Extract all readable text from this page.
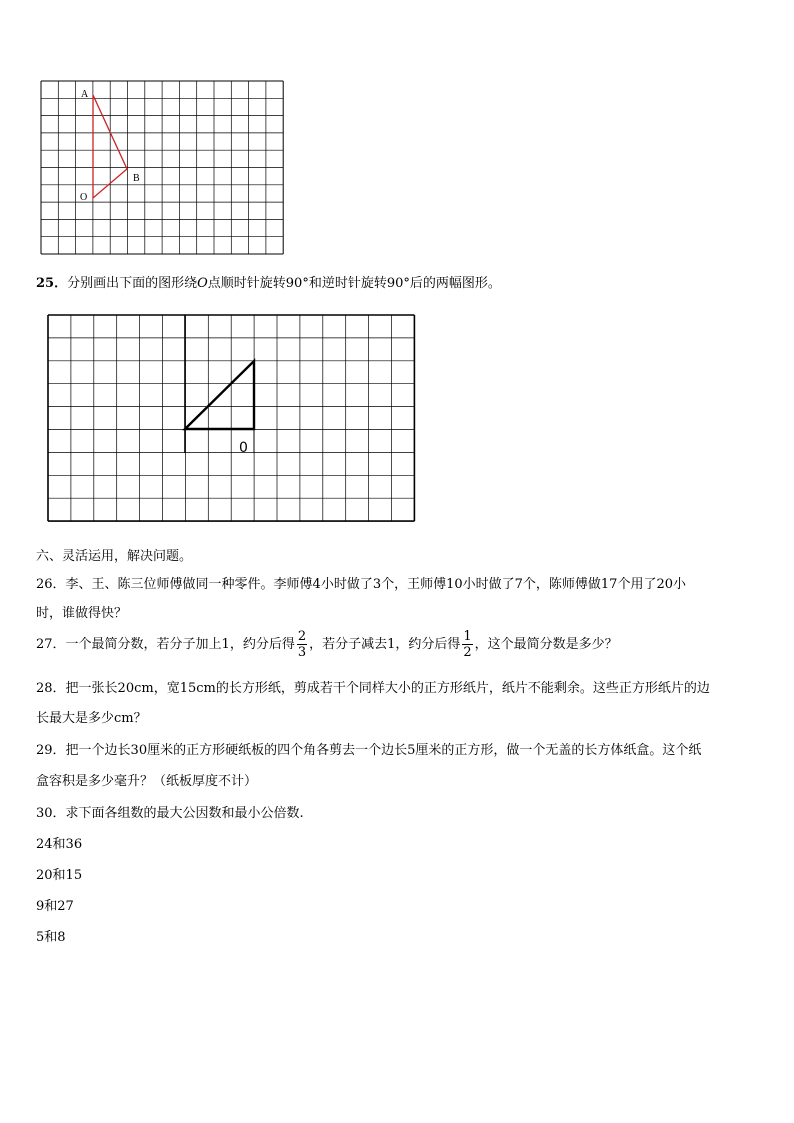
A
B
O
25．分别画出下面的图形绕O点顺时针旋转90°和逆时针旋转90°后的两幅图形。
0
六、灵活运用，解决问题。
26．李、王、陈三位师傅做同一种零件。李师傅4小时做了3个，王师傅10小时做了7个，陈师傅做17个用了20小
时，谁做得快？
27．一个最简分数，若分子加上1，约分后得 $\frac{2}{3}$ ，若分子减去1，约分后得 $\frac{1}{2}$ ，这个最简分数是多少？
28．把一张长20cm，宽15cm的长方形纸，剪成若干个同样大小的正方形纸片，纸片不能剩余。这些正方形纸片的边
长最大是多少cm？
29．把一个边长30厘米的正方形硬纸板的四个角各剪去一个边长5厘米的正方形，做一个无盖的长方体纸盒。这个纸
盒容积是多少毫升？（纸板厚度不计）
30．求下面各组数的最大公因数和最小公倍数.
24和36
20和15
9和27
5和8
